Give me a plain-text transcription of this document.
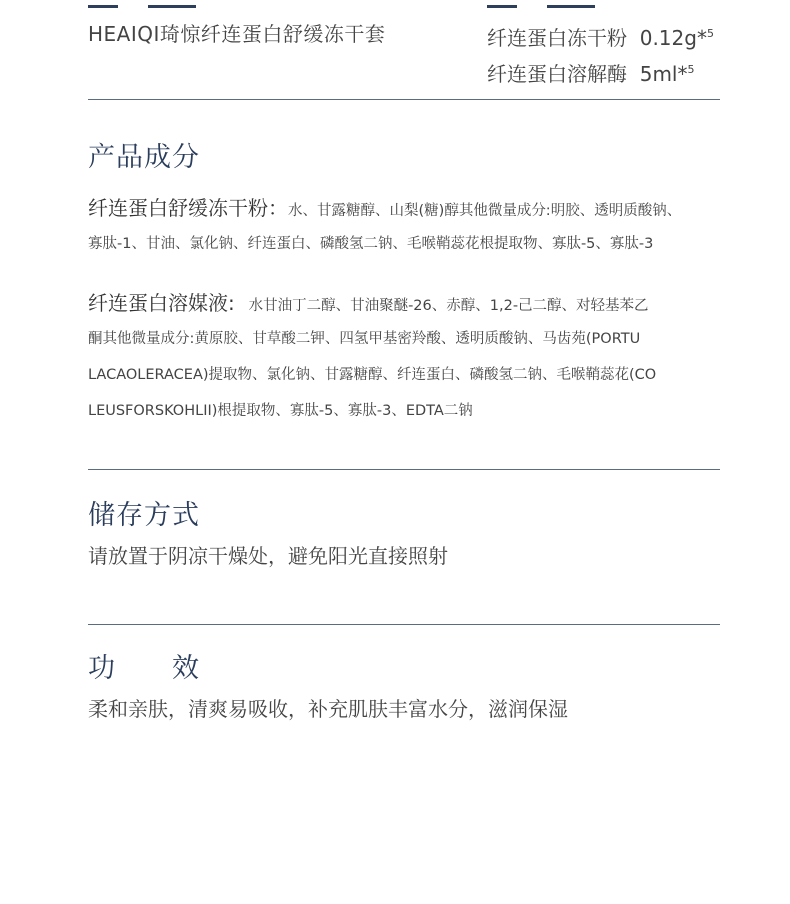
HEAIQI琦惊纤连蛋白舒缓冻干套	纤连蛋白冻干粉 0.12g*$^5$
纤连蛋白溶解酶 5ml*$^5$
产品成分
纤连蛋白舒缓冻干粉：水、甘露糖醇、山梨(糖)醇其他微量成分:明胶、透明质酸钠、
寡肽-1、甘油、氯化钠、纤连蛋白、磷酸氢二钠、毛喉鞘蕊花根提取物、寡肽-5、寡肽-3
纤连蛋白溶媒液: 水甘油丁二醇、甘油聚醚-26、赤醇、1,2-己二醇、对轻基苯乙
酮其他微量成分:黄原胶、甘草酸二钾、四氢甲基密羚酸、透明质酸钠、马齿苑(PORTU
LACAOLERACEA)提取物、氯化钠、甘露糖醇、纤连蛋白、磷酸氢二钠、毛喉鞘蕊花(CO
LEUSFORSKOHLII)根提取物、寡肽-5、寡肽-3、EDTA二钠
储存方式
请放置于阴凉干燥处，避免阳光直接照射
功　　效
柔和亲肤，清爽易吸收，补充肌肤丰富水分，滋润保湿
